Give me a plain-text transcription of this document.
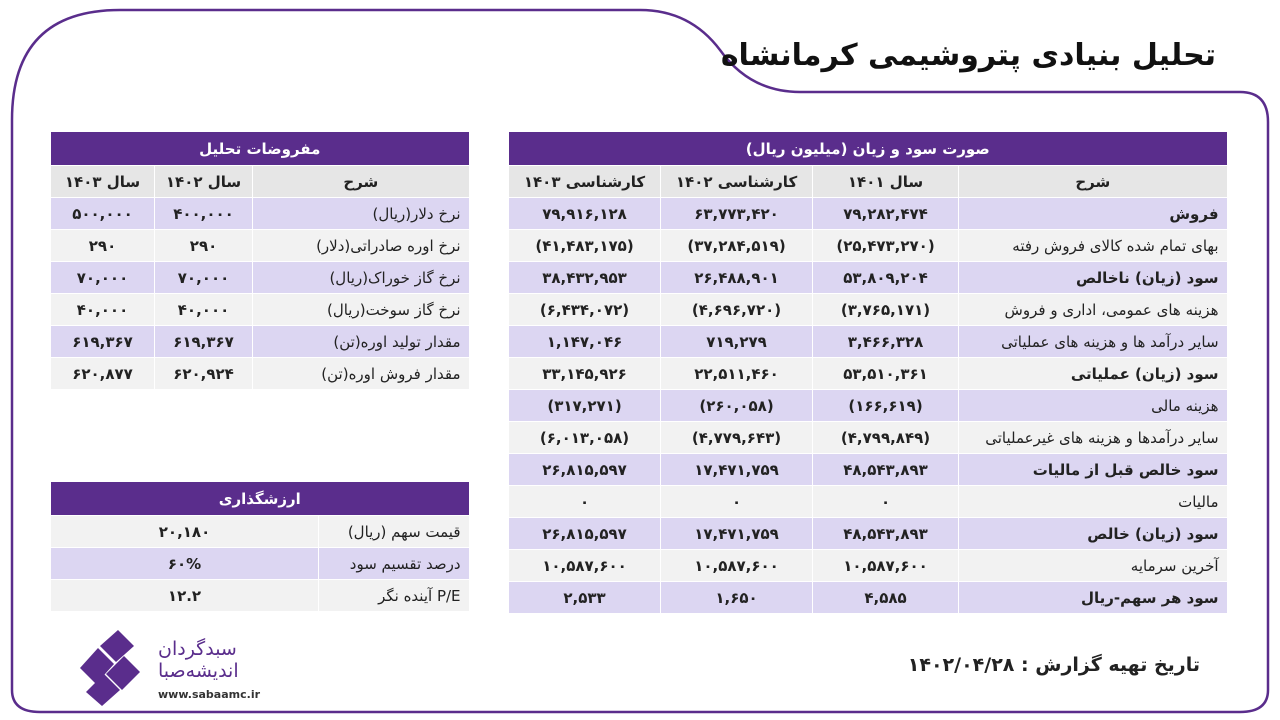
تحلیل بنیادی پتروشیمی کرمانشاه
صورت سود و زیان (میلیون ریال)			
شرح	سال ۱۴۰۱	کارشناسی ۱۴۰۲	کارشناسی ۱۴۰۳
فروش	۷۹,۲۸۲,۴۷۴	۶۳,۷۷۳,۴۲۰	۷۹,۹۱۶,۱۲۸
بهای تمام شده کالای فروش رفته	(۲۵,۴۷۳,۲۷۰)	(۳۷,۲۸۴,۵۱۹)	(۴۱,۴۸۳,۱۷۵)
سود (زیان) ناخالص	۵۳,۸۰۹,۲۰۴	۲۶,۴۸۸,۹۰۱	۳۸,۴۳۲,۹۵۳
هزینه های عمومی، اداری و فروش	(۳,۷۶۵,۱۷۱)	(۴,۶۹۶,۷۲۰)	(۶,۴۳۴,۰۷۲)
سایر درآمد ها و هزینه های عملیاتی	۳,۴۶۶,۳۲۸	۷۱۹,۲۷۹	۱,۱۴۷,۰۴۶
سود (زیان) عملیاتی	۵۳,۵۱۰,۳۶۱	۲۲,۵۱۱,۴۶۰	۳۳,۱۴۵,۹۲۶
هزینه مالی	(۱۶۶,۶۱۹)	(۲۶۰,۰۵۸)	(۳۱۷,۲۷۱)
سایر درآمدها و هزینه های غیرعملیاتی	(۴,۷۹۹,۸۴۹)	(۴,۷۷۹,۶۴۳)	(۶,۰۱۳,۰۵۸)
سود خالص قبل از مالیات	۴۸,۵۴۳,۸۹۳	۱۷,۴۷۱,۷۵۹	۲۶,۸۱۵,۵۹۷
مالیات	۰	۰	۰
سود (زیان) خالص	۴۸,۵۴۳,۸۹۳	۱۷,۴۷۱,۷۵۹	۲۶,۸۱۵,۵۹۷
آخرین سرمایه	۱۰,۵۸۷,۶۰۰	۱۰,۵۸۷,۶۰۰	۱۰,۵۸۷,۶۰۰
سود هر سهم-ریال	۴,۵۸۵	۱,۶۵۰	۲,۵۳۳
مفروضات تحلیل		
شرح	سال ۱۴۰۲	سال ۱۴۰۳
نرخ دلار(ریال)	۴۰۰,۰۰۰	۵۰۰,۰۰۰
نرخ اوره صادراتی(دلار)	۲۹۰	۲۹۰
نرخ گاز خوراک(ریال)	۷۰,۰۰۰	۷۰,۰۰۰
نرخ گاز سوخت(ریال)	۴۰,۰۰۰	۴۰,۰۰۰
مقدار تولید اوره(تن)	۶۱۹,۳۶۷	۶۱۹,۳۶۷
مقدار فروش اوره(تن)	۶۲۰,۹۲۴	۶۲۰,۸۷۷
ارزشگذاری	
قیمت سهم (ریال)	۲۰,۱۸۰
درصد تقسیم سود	۶۰%
P/E آینده نگر	۱۲.۲
سبدگردان
اندیشه‌صبا
www.sabaamc.ir
تاریخ تهیه گزارش : ۱۴۰۲/۰۴/۲۸
